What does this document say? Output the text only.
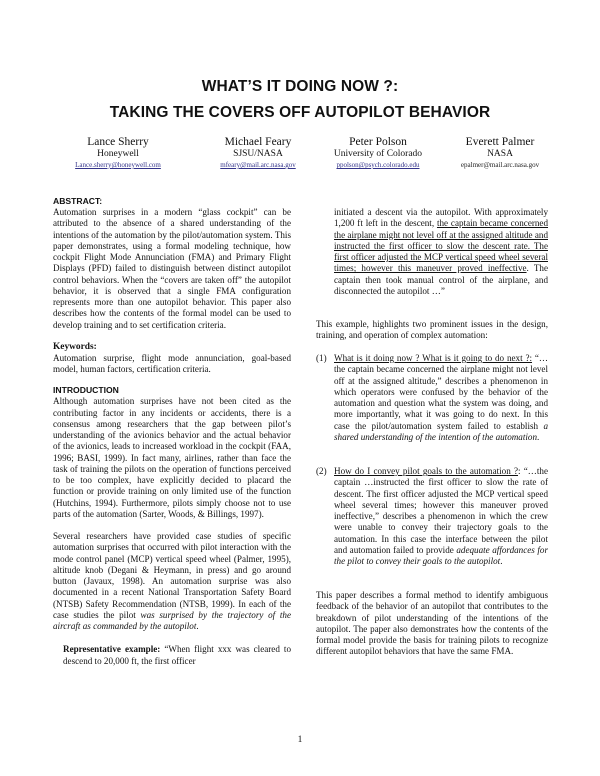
WHAT’S IT DOING NOW ?:
TAKING THE COVERS OFF AUTOPILOT BEHAVIOR
Lance Sherry
Honeywell
Lance.sherry@honeywell.com
Michael Feary
SJSU/NASA
mfeary@mail.arc.nasa.gov
Peter Polson
University of Colorado
ppolson@psych.colorado.edu
Everett Palmer
NASA
epalmer@mail.arc.nasa.gov
ABSTRACT:

Automation surprises in a modern “glass cockpit” can be attributed to the absence of a shared understanding of the intentions of the automation by the pilot/automation system. This paper demonstrates, using a formal modeling technique, how cockpit Flight Mode Annunciation (FMA) and Primary Flight Displays (PFD) failed to distinguish between distinct autopilot control behaviors. When the “covers are taken off” the autopilot behavior, it is observed that a single FMA configuration represents more than one autopilot behavior. This paper also describes how the contents of the formal model can be used to develop training and to set certification criteria.

Keywords:

Automation surprise, flight mode annunciation, goal-based model, human factors, certification criteria.

INTRODUCTION

Although automation surprises have not been cited as the contributing factor in any incidents or accidents, there is a consensus among researchers that the gap between pilot’s understanding of the avionics behavior and the actual behavior of the avionics, leads to increased workload in the cockpit (FAA, 1996; BASI, 1999). In fact many, airlines, rather than face the task of training the pilots on the operation of functions perceived to be too complex, have explicitly decided to placard the function or provide training on only limited use of the function (Hutchins, 1994). Furthermore, pilots simply choose not to use parts of the automation (Sarter, Woods, & Billings, 1997).

Several researchers have provided case studies of specific automation surprises that occurred with pilot interaction with the mode control panel (MCP) vertical speed wheel (Palmer, 1995), altitude knob (Degani & Heymann, in press) and go around button (Javaux, 1998). An automation surprise was also documented in a recent National Transportation Safety Board (NTSB) Safety Recommendation (NTSB, 1999). In each of the case studies the pilot was surprised by the trajectory of the aircraft as commanded by the autopilot.

Representative example: “When flight xxx was cleared to descend to 20,000 ft, the first officer

initiated a descent via the autopilot. With approximately 1,200 ft left in the descent, the captain became concerned the airplane might not level off at the assigned altitude and instructed the first officer to slow the descent rate. The first officer adjusted the MCP vertical speed wheel several times; however this maneuver proved ineffective. The captain then took manual control of the airplane, and disconnected the autopilot …”

This example, highlights two prominent issues in the design, training, and operation of complex automation:

(1) What is it doing now ? What is it going to do next ?: “…the captain became concerned the airplane might not level off at the assigned altitude,” describes a phenomenon in which operators were confused by the behavior of the automation and question what the system was doing, and more importantly, what it was going to do next. In this case the pilot/automation system failed to establish a shared understanding of the intention of the automation.

(2) How do I convey pilot goals to the automation ?: “…the captain …instructed the first officer to slow the rate of descent. The first officer adjusted the MCP vertical speed wheel several times; however this maneuver proved ineffective,” describes a phenomenon in which the crew were unable to convey their trajectory goals to the automation. In this case the interface between the pilot and automation failed to provide adequate affordances for the pilot to convey their goals to the autopilot.

This paper describes a formal method to identify ambiguous feedback of the behavior of an autopilot that contributes to the breakdown of pilot understanding of the intentions of the autopilot. The paper also demonstrates how the contents of the formal model provide the basis for training pilots to recognize different autopilot behaviors that have the same FMA.

1
